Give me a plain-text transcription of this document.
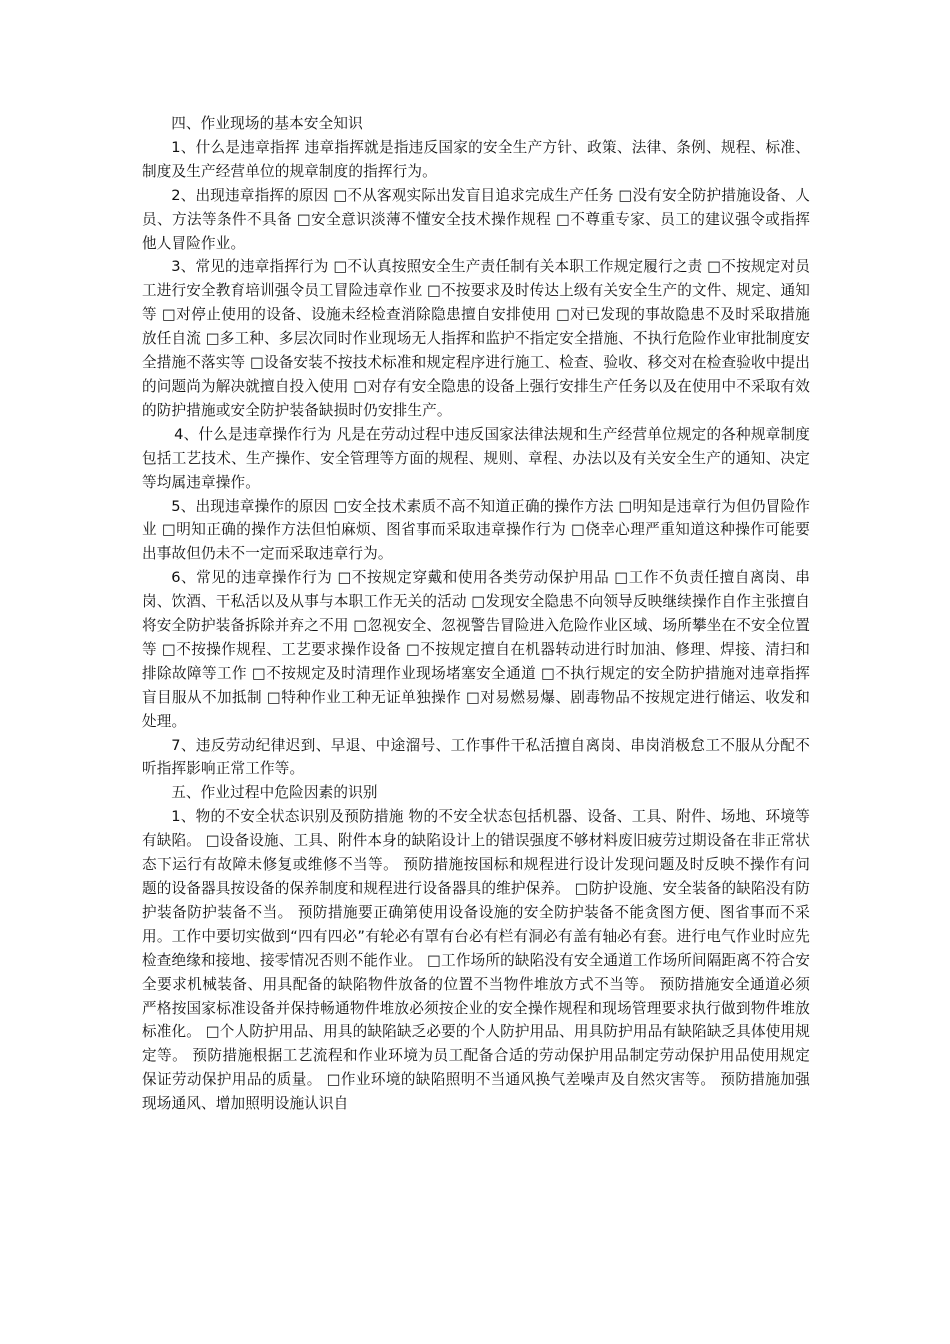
四、作业现场的基本安全知识

1、什么是违章指挥 违章指挥就是指违反国家的安全生产方针、政策、法律、条例、规程、标准、制度及生产经营单位的规章制度的指挥行为。

2、出现违章指挥的原因 □不从客观实际出发盲目追求完成生产任务 □没有安全防护措施设备、人员、方法等条件不具备 □安全意识淡薄不懂安全技术操作规程 □不尊重专家、员工的建议强令或指挥他人冒险作业。

3、常见的违章指挥行为 □不认真按照安全生产责任制有关本职工作规定履行之责 □不按规定对员工进行安全教育培训强令员工冒险违章作业 □不按要求及时传达上级有关安全生产的文件、规定、通知等 □对停止使用的设备、设施未经检查消除隐患擅自安排使用 □对已发现的事故隐患不及时采取措施放任自流 □多工种、多层次同时作业现场无人指挥和监护不指定安全措施、不执行危险作业审批制度安全措施不落实等 □设备安装不按技术标准和规定程序进行施工、检查、验收、移交对在检查验收中提出的问题尚为解决就擅自投入使用 □对存有安全隐患的设备上强行安排生产任务以及在使用中不采取有效的防护措施或安全防护装备缺损时仍安排生产。

4、什么是违章操作行为 凡是在劳动过程中违反国家法律法规和生产经营单位规定的各种规章制度包括工艺技术、生产操作、安全管理等方面的规程、规则、章程、办法以及有关安全生产的通知、决定等均属违章操作。

5、出现违章操作的原因 □安全技术素质不高不知道正确的操作方法 □明知是违章行为但仍冒险作业 □明知正确的操作方法但怕麻烦、图省事而采取违章操作行为 □侥幸心理严重知道这种操作可能要出事故但仍未不一定而采取违章行为。

6、常见的违章操作行为 □不按规定穿戴和使用各类劳动保护用品 □工作不负责任擅自离岗、串岗、饮酒、干私活以及从事与本职工作无关的活动 □发现安全隐患不向领导反映继续操作自作主张擅自将安全防护装备拆除并弃之不用 □忽视安全、忽视警告冒险进入危险作业区域、场所攀坐在不安全位置等 □不按操作规程、工艺要求操作设备 □不按规定擅自在机器转动进行时加油、修理、焊接、清扫和排除故障等工作 □不按规定及时清理作业现场堵塞安全通道 □不执行规定的安全防护措施对违章指挥盲目服从不加抵制 □特种作业工种无证单独操作 □对易燃易爆、剧毒物品不按规定进行储运、收发和处理。

7、违反劳动纪律迟到、早退、中途溜号、工作事件干私活擅自离岗、串岗消极怠工不服从分配不听指挥影响正常工作等。

五、作业过程中危险因素的识别

1、物的不安全状态识别及预防措施 物的不安全状态包括机器、设备、工具、附件、场地、环境等有缺陷。 □设备设施、工具、附件本身的缺陷设计上的错误强度不够材料废旧疲劳过期设备在非正常状态下运行有故障未修复或维修不当等。 预防措施按国标和规程进行设计发现问题及时反映不操作有问题的设备器具按设备的保养制度和规程进行设备器具的维护保养。 □防护设施、安全装备的缺陷没有防护装备防护装备不当。 预防措施要正确第使用设备设施的安全防护装备不能贪图方便、图省事而不采用。工作中要切实做到“四有四必”有轮必有罩有台必有栏有洞必有盖有轴必有套。进行电气作业时应先检查绝缘和接地、接零情况否则不能作业。 □工作场所的缺陷没有安全通道工作场所间隔距离不符合安全要求机械装备、用具配备的缺陷物件放备的位置不当物件堆放方式不当等。 预防措施安全通道必须严格按国家标准设备并保持畅通物件堆放必须按企业的安全操作规程和现场管理要求执行做到物件堆放标准化。 □个人防护用品、用具的缺陷缺乏必要的个人防护用品、用具防护用品有缺陷缺乏具体使用规定等。 预防措施根据工艺流程和作业环境为员工配备合适的劳动保护用品制定劳动保护用品使用规定保证劳动保护用品的质量。 □作业环境的缺陷照明不当通风换气差噪声及自然灾害等。 预防措施加强现场通风、增加照明设施认识自
